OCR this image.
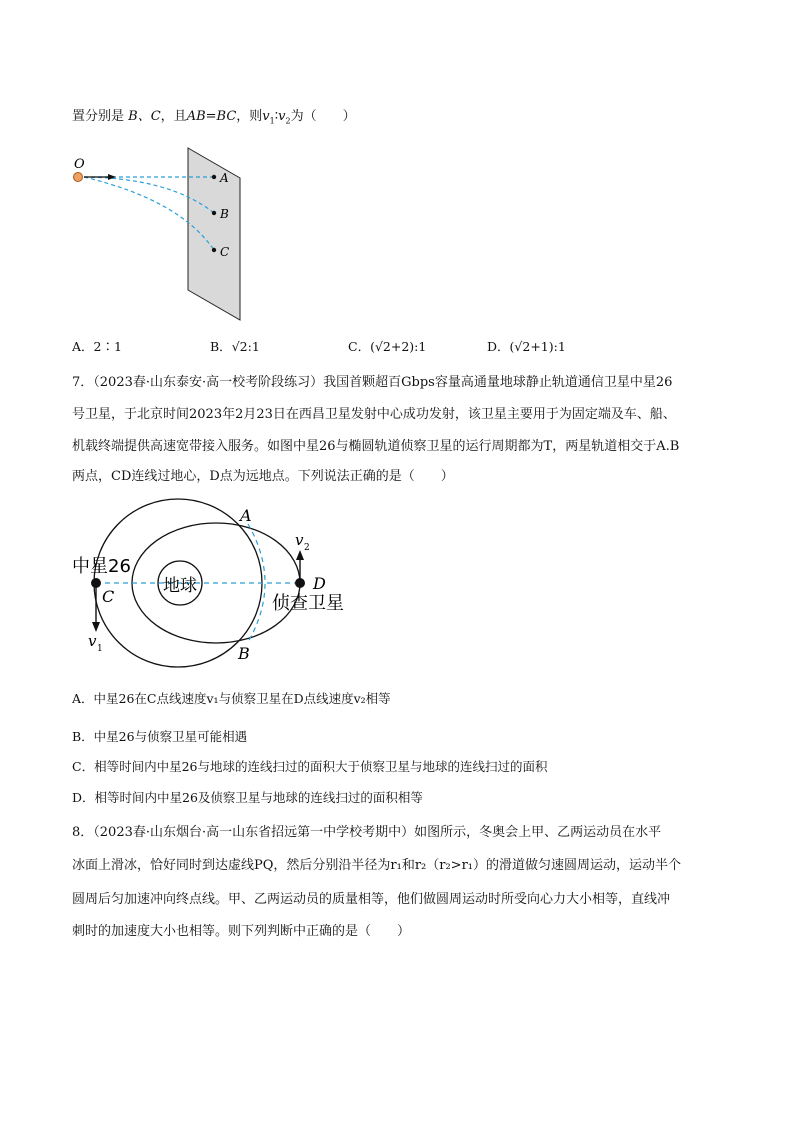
置分别是 B、C，且AB=BC，则$v_1∶v_2$为（　　）
O
A
B
C
A．2∶1	B．√2:1	C．(√2+2):1	D．(√2+1):1
7．（2023春·山东泰安·高一校考阶段练习）我国首颗超百Gbps容量高通量地球静止轨道通信卫星中星26
号卫星，于北京时间2023年2月23日在西昌卫星发射中心成功发射，该卫星主要用于为固定端及车、船、
机载终端提供高速宽带接入服务。如图中星26与椭圆轨道侦察卫星的运行周期都为T，两星轨道相交于A.B
两点，CD连线过地心，D点为远地点。下列说法正确的是（　　）
中星26
地球
侦查卫星
A
B
C
D
v 1
v 2
A．中星26在C点线速度v₁与侦察卫星在D点线速度v₂相等
B．中星26与侦察卫星可能相遇
C．相等时间内中星26与地球的连线扫过的面积大于侦察卫星与地球的连线扫过的面积
D．相等时间内中星26及侦察卫星与地球的连线扫过的面积相等
8．（2023春·山东烟台·高一山东省招远第一中学校考期中）如图所示，冬奥会上甲、乙两运动员在水平
冰面上滑冰，恰好同时到达虚线PQ，然后分别沿半径为r₁和r₂（r₂>r₁）的滑道做匀速圆周运动，运动半个
圆周后匀加速冲向终点线。甲、乙两运动员的质量相等，他们做圆周运动时所受向心力大小相等，直线冲
刺时的加速度大小也相等。则下列判断中正确的是（　　）
